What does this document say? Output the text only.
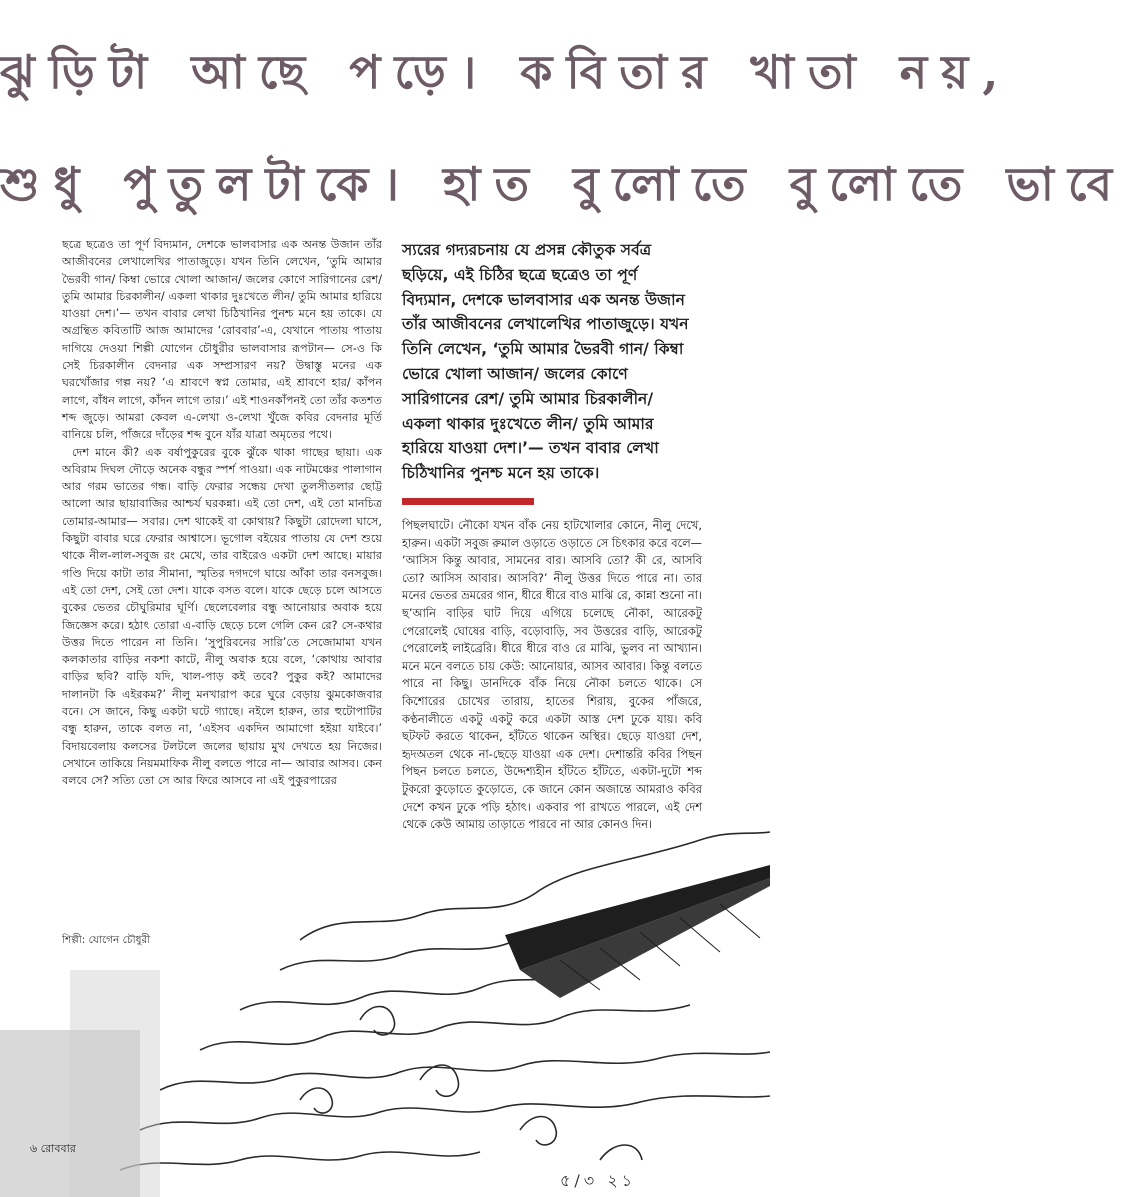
ঝুড়িটা আছে পড়ে। কবিতার খাতা নয়,
শুধু পুতুলটাকে। হাত বুলোতে বুলোতে ভাবে

ছত্রে ছত্রেও তা পূর্ণ বিদ্যমান, দেশকে ভালবাসার এক অনন্ত উজান তাঁর আজীবনের লেখালেখির পাতাজুড়ে। যখন তিনি লেখেন, ‘তুমি আমার ভৈরবী গান/ কিম্বা ভোরে খোলা আজান/ জলের কোণে সারিগানের রেশ/ তুমি আমার চিরকালীন/ একলা থাকার দুঃখেতে লীন/ তুমি আমার হারিয়ে যাওয়া দেশ।’— তখন বাবার লেখা চিঠিখানির পুনশ্চ মনে হয় তাকে। যে অগ্রন্থিত কবিতাটি আজ আমাদের ‘রোববার’-এ, যেখানে পাতায় পাতায় দাগিয়ে দেওয়া শিল্পী যোগেন চৌধুরীর ভালবাসার রূপটান— সে-ও কি সেই চিরকালীন বেদনার এক সম্প্রসারণ নয়? উদ্বাস্তু মনের এক ঘরখোঁজার গল্প নয়? ‘এ শ্রাবণে স্বপ্ন তোমার, এই শ্রাবণে হার/ কাঁপন লাগে, বাঁধন লাগে, কাঁদন লাগে তার।’ এই শাওনকাঁপনই তো তাঁর কতশত শব্দ জুড়ে। আমরা কেবল এ-লেখা ও-লেখা খুঁজে কবির বেদনার মূর্তি বানিয়ে চলি, পাঁজরে দাঁড়ের শব্দ বুনে যাঁর যাত্রা অমৃতের পথে।

দেশ মানে কী? এক বর্ষাপুকুরের বুকে ঝুঁকে থাকা গাছের ছায়া। এক অবিরাম দিঘল দৌড়ে অনেক বন্ধুর স্পর্শ পাওয়া। এক নাটমঞ্চের পালাগান আর গরম ভাতের গন্ধ। বাড়ি ফেরার সন্ধেয় দেখা তুলসীতলার ছোট্ট আলো আর ছায়াবাজির আশ্চর্য ঘরকন্না। এই তো দেশ, এই তো মানচিত্র তোমার-আমার— সবার। দেশ থাকেই বা কোথায়? কিছুটা রোদেলা ঘাসে, কিছুটা বাবার ঘরে ফেরার আশ্বাসে। ভূগোল বইয়ের পাতায় যে দেশ শুয়ে থাকে নীল-লাল-সবুজ রং মেখে, তার বাইরেও একটা দেশ আছে। মায়ার গণ্ডি দিয়ে কাটা তার সীমানা, স্মৃতির দগদগে ঘায়ে আঁকা তার বনসবুজ। এই তো দেশ, সেই তো দেশ। যাকে বসত বলে। যাকে ছেড়ে চলে আসতে বুকের ভেতর চৌঘুরিমার ঘূর্ণি। ছেলেবেলার বন্ধু আনোয়ার অবাক হয়ে জিজ্ঞেস করে। হঠাৎ তোরা এ-বাড়ি ছেড়ে চলে গেলি কেন রে? সে-কথার উত্তর দিতে পারেন না তিনি। ‘সুপুরিবনের সারি’তে সেজোমামা যখন কলকাতার বাড়ির নকশা কাটে, নীলু অবাক হয়ে বলে, ‘কোথায় আবার বাড়ির ছবি? বাড়ি যদি, খাল-পাড় কই তবে? পুকুর কই? আমাদের দালানটা কি এইরকম?’ নীলু মনখারাপ করে ঘুরে বেড়ায় ঝুমকোজবার বনে। সে জানে, কিছু একটা ঘটে গ্যাছে। নইলে হারুন, তার হুটোপাটির বন্ধু হারুন, তাকে বলত না, ‘এইসব একদিন আমাগো হইয়া যাইবে।’ বিদায়বেলায় কলসের টলটলে জলের ছায়ায় মুখ দেখতে হয় নিজের। সেখানে তাকিয়ে নিয়মমাফিক নীলু বলতে পারে না— আবার আসব। কেন বলবে সে? সত্যি তো সে আর ফিরে আসবে না এই পুকুরপারের

স্যরের গদ্যরচনায় যে প্রসন্ন কৌতুক সর্বত্র ছড়িয়ে, এই চিঠির ছত্রে ছত্রেও তা পূর্ণ বিদ্যমান, দেশকে ভালবাসার এক অনন্ত উজান তাঁর আজীবনের লেখালেখির পাতাজুড়ে। যখন তিনি লেখেন, ‘তুমি আমার ভৈরবী গান/ কিম্বা ভোরে খোলা আজান/ জলের কোণে সারিগানের রেশ/ তুমি আমার চিরকালীন/ একলা থাকার দুঃখেতে লীন/ তুমি আমার হারিয়ে যাওয়া দেশ।’— তখন বাবার লেখা চিঠিখানির পুনশ্চ মনে হয় তাকে।

পিছলঘাটে। নৌকো যখন বাঁক নেয় হাটখোলার কোনে, নীলু দেখে, হারুন। একটা সবুজ রুমাল ওড়াতে ওড়াতে সে চিৎকার করে বলে— ‘আসিস কিন্তু আবার, সামনের বার। আসবি তো? কী রে, আসবি তো? আসিস আবার। আসবি?’ নীলু উত্তর দিতে পারে না। তার মনের ভেতর ভ্রমরের গান, ধীরে ধীরে বাও মাঝি রে, কান্না শুনো না। ছ’আনি বাড়ির ঘাট দিয়ে এগিয়ে চলেছে নৌকা, আরেকটু পেরোলেই ঘোষের বাড়ি, বড়োবাড়ি, সব উত্তরের বাড়ি, আরেকটু পেরোলেই লাইব্রেরি। ধীরে ধীরে বাও রে মাঝি, ভুলব না আখ্যান। মনে মনে বলতে চায় কেউ: আনোয়ার, আসব আবার। কিন্তু বলতে পারে না কিছু। ডানদিকে বাঁক নিয়ে নৌকা চলতে থাকে। সে কিশোরের চোখের তারায়, হাতের শিরায়, বুকের পাঁজরে, কণ্ঠনালীতে একটু একটু করে একটা আস্ত দেশ ঢুকে যায়। কবি ছটফট করতে থাকেন, হাঁটতে থাকেন অস্থির। ছেড়ে যাওয়া দেশ, হৃদঅতল থেকে না-ছেড়ে যাওয়া এক দেশ। দেশান্তরি কবির পিছন পিছন চলতে চলতে, উদ্দেশ্যহীন হাঁটতে হাঁটতে, একটা-দুটো শব্দ টুকরো কুড়োতে কুড়োতে, কে জানে কোন অজান্তে আমরাও কবির দেশে কখন ঢুকে পড়ি হঠাৎ। একবার পা রাখতে পারলে, এই দেশ থেকে কেউ আমায় তাড়াতে পারবে না আর কোনও দিন।

শিল্পী: যোগেন চৌধুরী
৬ রোববার
৫/৩ ২১
